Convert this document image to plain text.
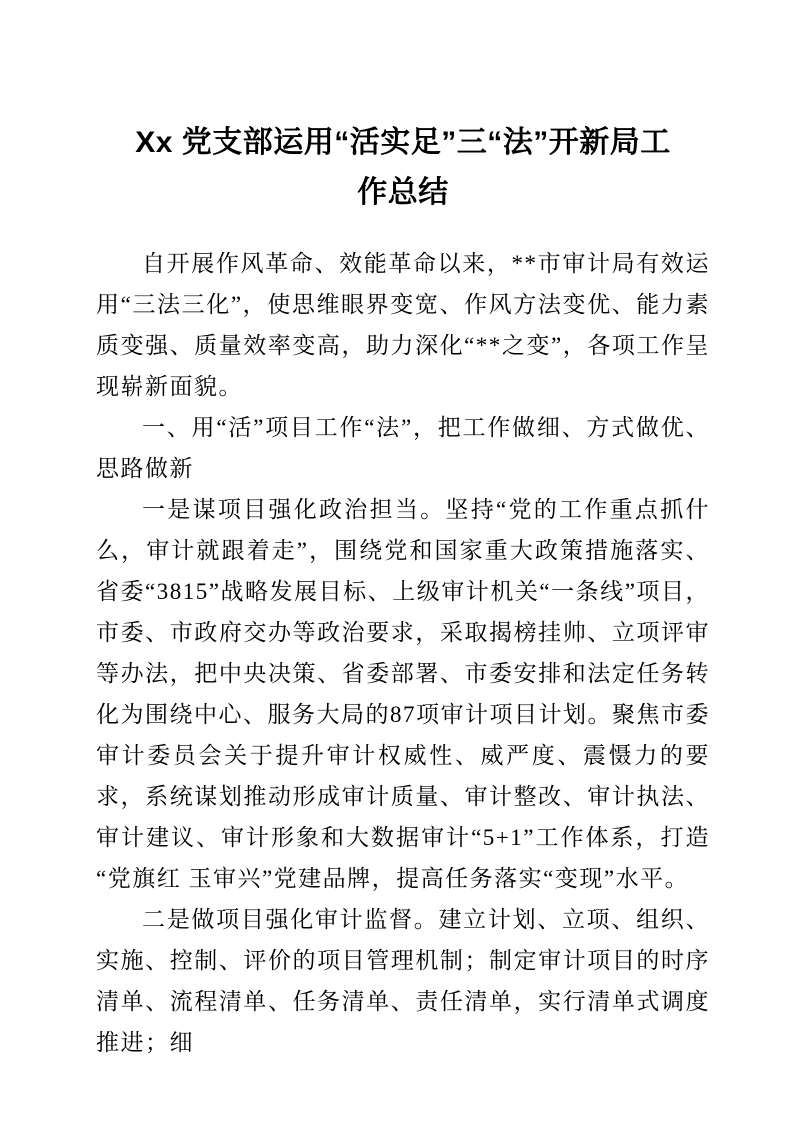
Xx 党支部运用“活实足”三“法”开新局工作总结

自开展作风革命、效能革命以来，**市审计局有效运用“三法三化”，使思维眼界变宽、作风方法变优、能力素质变强、质量效率变高，助力深化“**之变”，各项工作呈现崭新面貌。

一、用“活”项目工作“法”，把工作做细、方式做优、思路做新

一是谋项目强化政治担当。坚持“党的工作重点抓什么，审计就跟着走”，围绕党和国家重大政策措施落实、省委“3815”战略发展目标、上级审计机关“一条线”项目，市委、市政府交办等政治要求，采取揭榜挂帅、立项评审等办法，把中央决策、省委部署、市委安排和法定任务转化为围绕中心、服务大局的87项审计项目计划。聚焦市委审计委员会关于提升审计权威性、威严度、震慑力的要求，系统谋划推动形成审计质量、审计整改、审计执法、审计建议、审计形象和大数据审计“5+1”工作体系，打造“党旗红 玉审兴”党建品牌，提高任务落实“变现”水平。

二是做项目强化审计监督。建立计划、立项、组织、实施、控制、评价的项目管理机制；制定审计项目的时序清单、流程清单、任务清单、责任清单，实行清单式调度推进；细
